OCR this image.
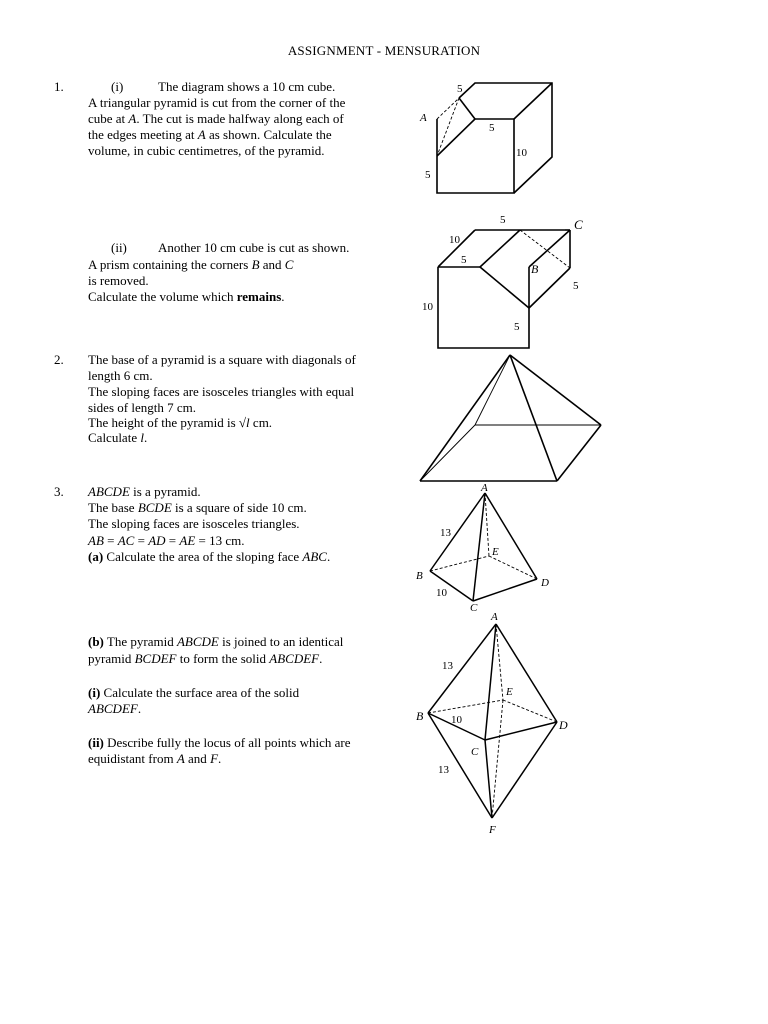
ASSIGNMENT - MENSURATION
1.	(i)	The diagram shows a 10 cm cube.
A triangular pyramid is cut from the corner of the
cube at A. The cut is made halfway along each of
the edges meeting at A as shown. Calculate the
volume, in cubic centimetres, of the pyramid.
(ii) Another 10 cm cube is cut as shown.
A prism containing the corners B and C
is removed.
Calculate the volume which remains.
2. The base of a pyramid is a square with diagonals of
length 6 cm.
The sloping faces are isosceles triangles with equal
sides of length 7 cm.
The height of the pyramid is √l cm.
Calculate l.
3. ABCDE is a pyramid.
The base BCDE is a square of side 10 cm.
The sloping faces are isosceles triangles.
AB = AC = AD = AE = 13 cm.
(a) Calculate the area of the sloping face ABC.
(b) The pyramid ABCDE is joined to an identical
pyramid BCDEF to form the solid ABCDEF.
(i) Calculate the surface area of the solid
ABCDEF.
(ii) Describe fully the locus of all points which are
equidistant from A and F.
A
5
5
10
5
C
B
5
10
5
5
10
5
A
B
C
D
E
13
10
A
B
C
D
E
F
13
10
13
